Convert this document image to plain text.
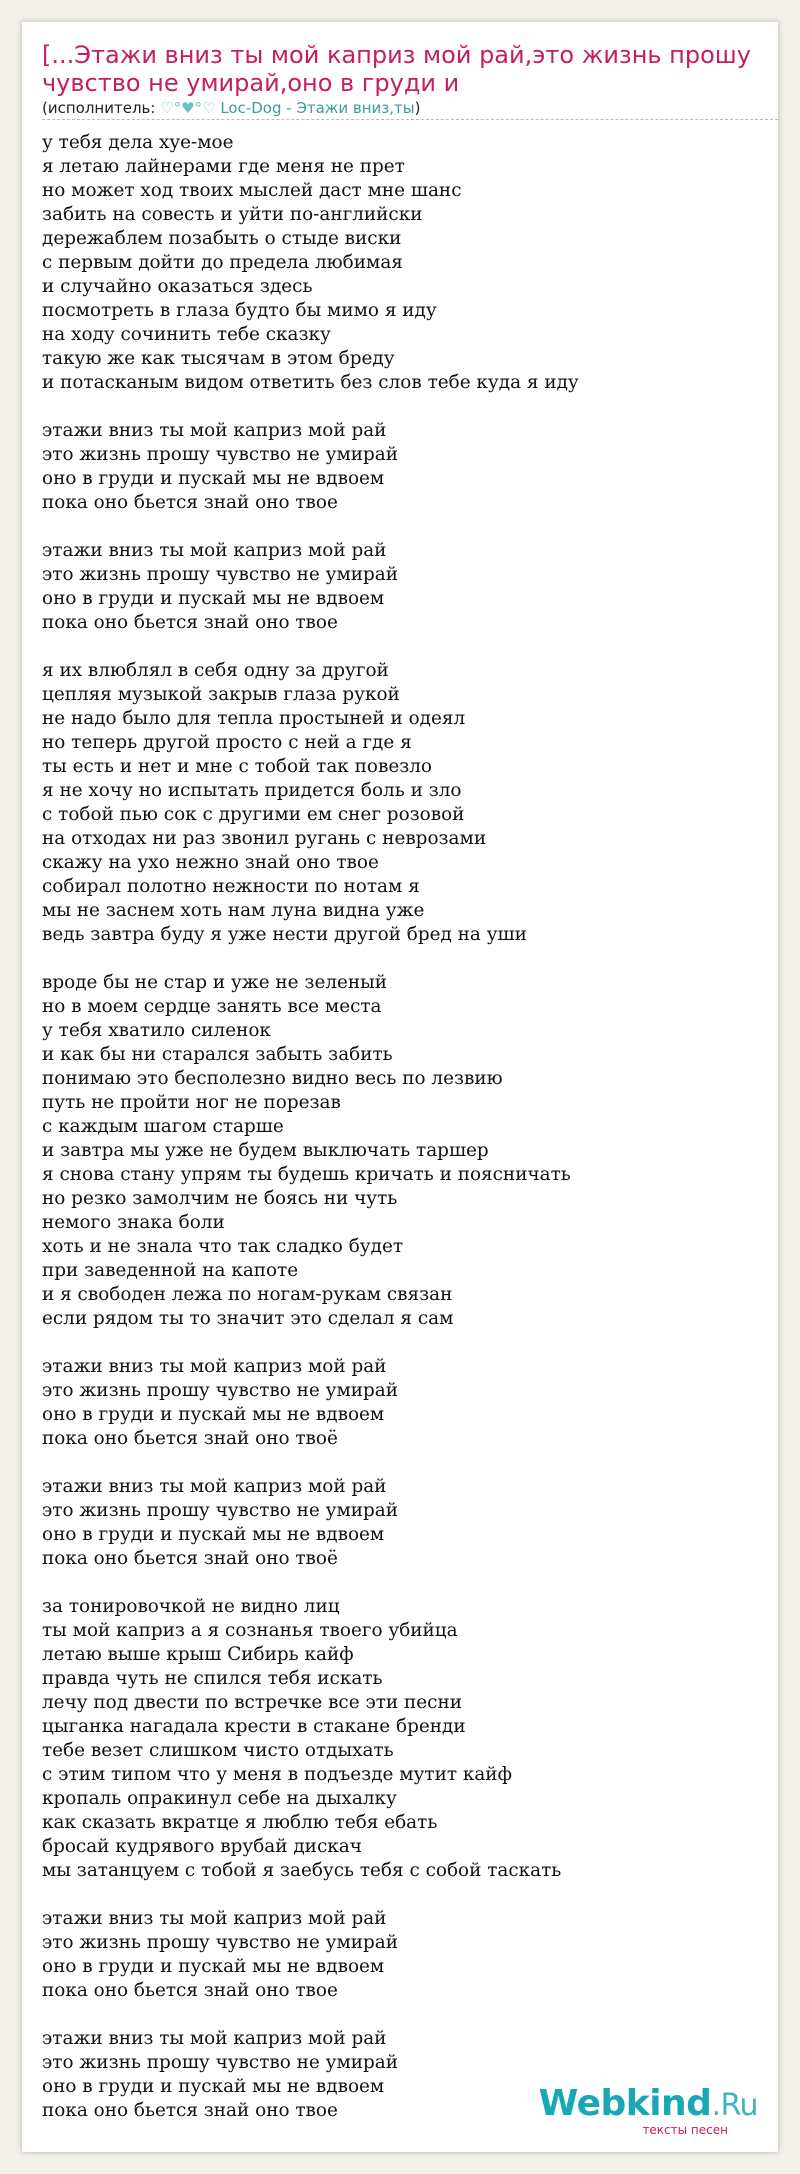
[...Этажи вниз ты мой каприз мой рай,это жизнь прошу чувство не умирай,оно в груди и
(исполнитель: ♡°♥°♡ Loc-Dog - Этажи вниз,ты)
у тебя дела хуе-мое
я летаю лайнерами где меня не прет
но может ход твоих мыслей даст мне шанс
забить на совесть и уйти по-английски
дережаблем позабыть о стыде виски
с первым дойти до предела любимая
и случайно оказаться здесь
посмотреть в глаза будто бы мимо я иду
на ходу сочинить тебе сказку
такую же как тысячам в этом бреду
и потасканым видом ответить без слов тебе куда я иду
этажи вниз ты мой каприз мой рай
это жизнь прошу чувство не умирай
оно в груди и пускай мы не вдвоем
пока оно бьется знай оно твое
этажи вниз ты мой каприз мой рай
это жизнь прошу чувство не умирай
оно в груди и пускай мы не вдвоем
пока оно бьется знай оно твое
я их влюблял в себя одну за другой
цепляя музыкой закрыв глаза рукой
не надо было для тепла простыней и одеял
но теперь другой просто с ней а где я
ты есть и нет и мне с тобой так повезло
я не хочу но испытать придется боль и зло
с тобой пью сок с другими ем снег розовой
на отходах ни раз звонил ругань с неврозами
скажу на ухо нежно знай оно твое
собирал полотно нежности по нотам я
мы не заснем хоть нам луна видна уже
ведь завтра буду я уже нести другой бред на уши
вроде бы не стар и уже не зеленый
но в моем сердце занять все места
у тебя хватило силенок
и как бы ни старался забыть забить
понимаю это бесполезно видно весь по лезвию
путь не пройти ног не порезав
с каждым шагом старше
и завтра мы уже не будем выключать таршер
я снова стану упрям ты будешь кричать и поясничать
но резко замолчим не боясь ни чуть
немого знака боли
хоть и не знала что так сладко будет
при заведенной на капоте
и я свободен лежа по ногам-рукам связан
если рядом ты то значит это сделал я сам
этажи вниз ты мой каприз мой рай
это жизнь прошу чувство не умирай
оно в груди и пускай мы не вдвоем
пока оно бьется знай оно твоё
этажи вниз ты мой каприз мой рай
это жизнь прошу чувство не умирай
оно в груди и пускай мы не вдвоем
пока оно бьется знай оно твоё
за тонировочкой не видно лиц
ты мой каприз а я сознанья твоего убийца
летаю выше крыш Сибирь кайф
правда чуть не спился тебя искать
лечу под двести по встречке все эти песни
цыганка нагадала крести в стакане бренди
тебе везет слишком чисто отдыхать
с этим типом что у меня в подъезде мутит кайф
кропаль опракинул себе на дыхалку
как сказать вкратце я люблю тебя ебать
бросай кудрявого врубай дискач
мы затанцуем с тобой я заебусь тебя с собой таскать
этажи вниз ты мой каприз мой рай
это жизнь прошу чувство не умирай
оно в груди и пускай мы не вдвоем
пока оно бьется знай оно твое
этажи вниз ты мой каприз мой рай
это жизнь прошу чувство не умирай
оно в груди и пускай мы не вдвоем
пока оно бьется знай оно твое	Webkind.Ru
тексты песен
